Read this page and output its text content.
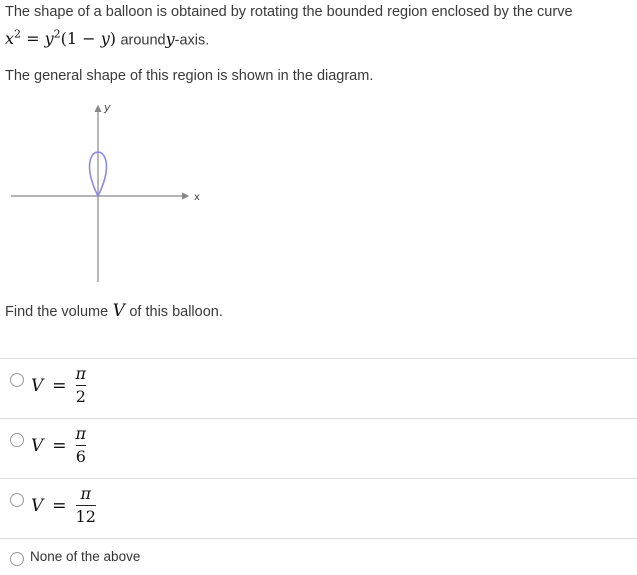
The shape of a balloon is obtained by rotating the bounded region enclosed by the curve
$x^2 = y^2(1 - y)$ aroundy-axis.
The general shape of this region is shown in the diagram.
x
y
Find the volume V of this balloon.
$V = \frac{\pi}{2}$
$V = \frac{\pi}{6}$
$V = \frac{\pi}{12}$
None of the above
